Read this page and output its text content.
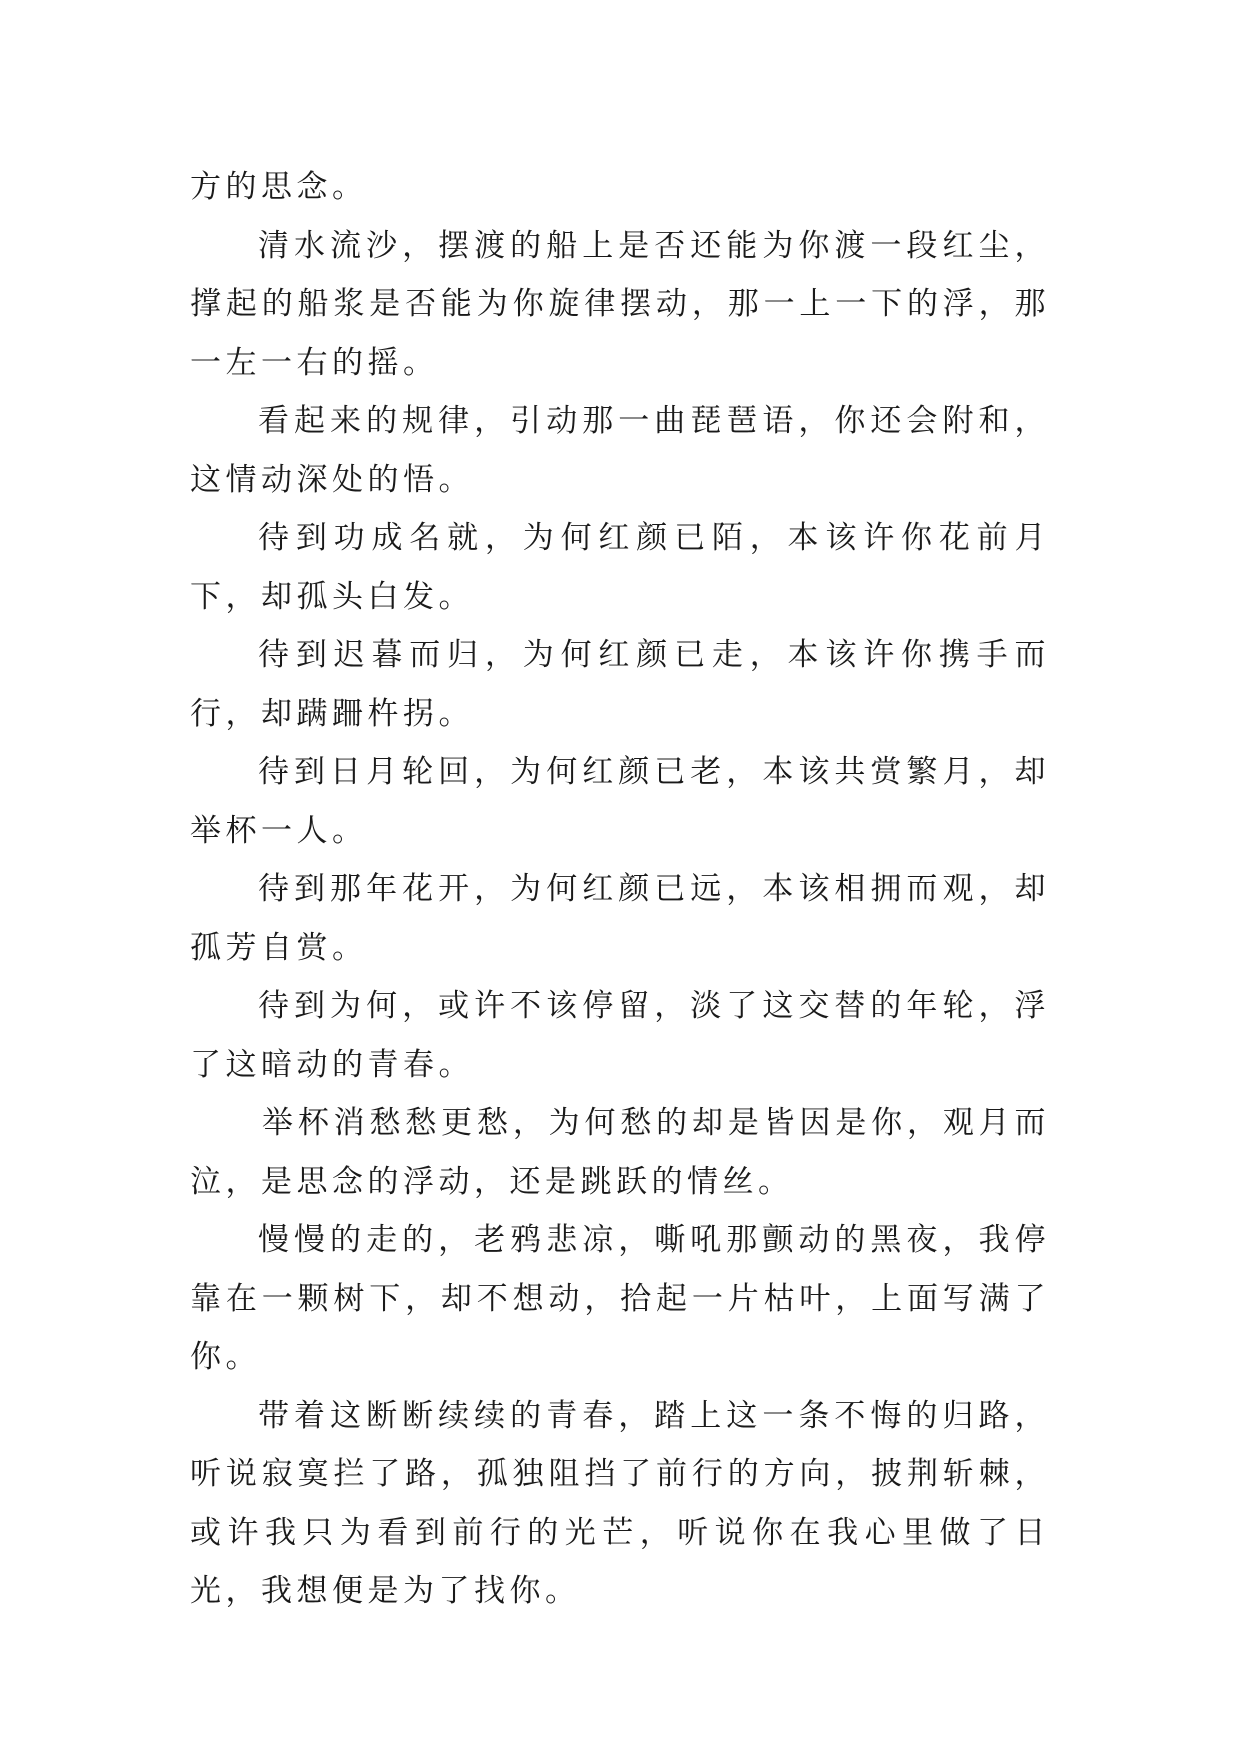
方的思念。

清水流沙，摆渡的船上是否还能为你渡一段红尘，撑起的船浆是否能为你旋律摆动，那一上一下的浮，那一左一右的摇。

看起来的规律，引动那一曲琵琶语，你还会附和，这情动深处的悟。

待到功成名就，为何红颜已陌，本该许你花前月下，却孤头白发。

待到迟暮而归，为何红颜已走，本该许你携手而行，却蹒跚杵拐。

待到日月轮回，为何红颜已老，本该共赏繁月，却举杯一人。

待到那年花开，为何红颜已远，本该相拥而观，却孤芳自赏。

待到为何，或许不该停留，淡了这交替的年轮，浮了这暗动的青春。

举杯消愁愁更愁，为何愁的却是皆因是你，观月而泣，是思念的浮动，还是跳跃的情丝。

慢慢的走的，老鸦悲凉，嘶吼那颤动的黑夜，我停靠在一颗树下，却不想动，拾起一片枯叶，上面写满了你。

带着这断断续续的青春，踏上这一条不悔的归路，听说寂寞拦了路，孤独阻挡了前行的方向，披荆斩棘，或许我只为看到前行的光芒，听说你在我心里做了日光，我想便是为了找你。
